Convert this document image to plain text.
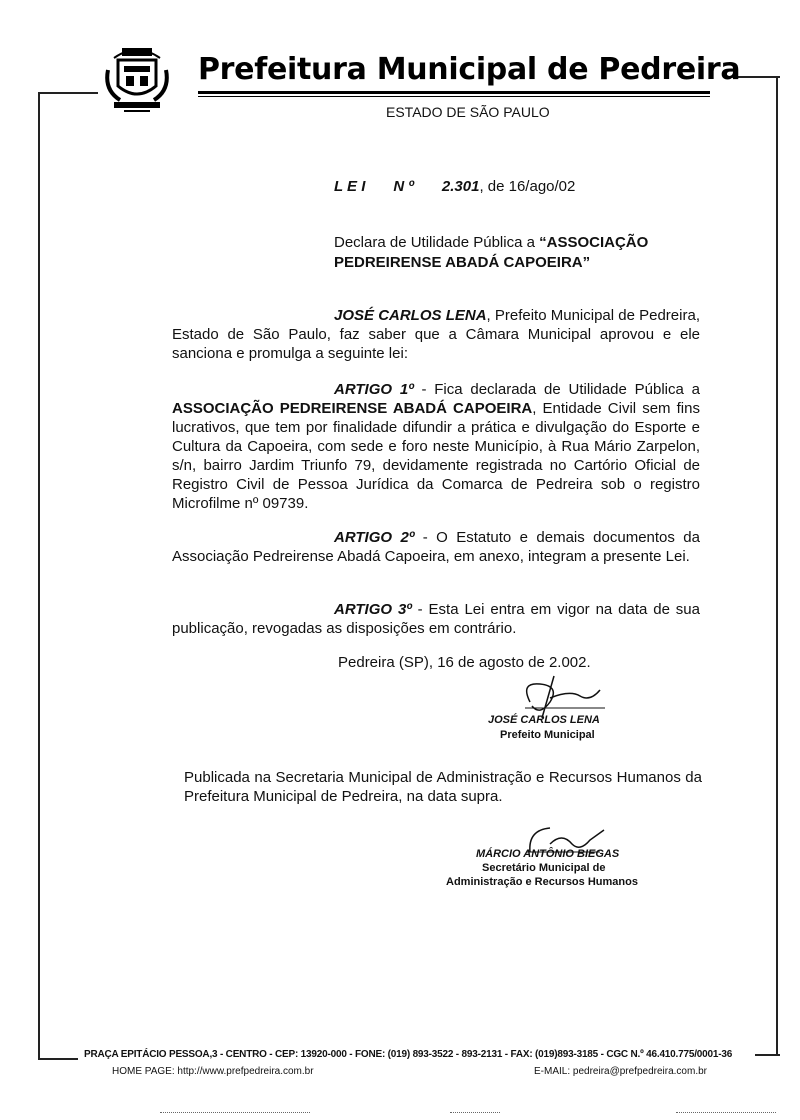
Prefeitura Municipal de Pedreira
ESTADO DE SÃO PAULO
L E I N º 2.301, de 16/ago/02
Declara de Utilidade Pública a “ASSOCIAÇÃO PEDREIRENSE ABADÁ CAPOEIRA”
JOSÉ CARLOS LENA, Prefeito Municipal de Pedreira, Estado de São Paulo, faz saber que a Câmara Municipal aprovou e ele sanciona e promulga a seguinte lei:
ARTIGO 1º - Fica declarada de Utilidade Pública a ASSOCIAÇÃO PEDREIRENSE ABADÁ CAPOEIRA, Entidade Civil sem fins lucrativos, que tem por finalidade difundir a prática e divulgação do Esporte e Cultura da Capoeira, com sede e foro neste Município, à Rua Mário Zarpelon, s/n, bairro Jardim Triunfo 79, devidamente registrada no Cartório Oficial de Registro Civil de Pessoa Jurídica da Comarca de Pedreira sob o registro Microfilme nº 09739.
ARTIGO 2º - O Estatuto e demais documentos da Associação Pedreirense Abadá Capoeira, em anexo, integram a presente Lei.
ARTIGO 3º - Esta Lei entra em vigor na data de sua publicação, revogadas as disposições em contrário.
Pedreira (SP), 16 de agosto de 2.002.
JOSÉ CARLOS LENA
Prefeito Municipal
Publicada na Secretaria Municipal de Administração e Recursos Humanos da Prefeitura Municipal de Pedreira, na data supra.
MÁRCIO ANTÔNIO BIEGAS
Secretário Municipal de
Administração e Recursos Humanos
PRAÇA EPITÁCIO PESSOA,3 - CENTRO - CEP: 13920-000 - FONE: (019) 893-3522 - 893-2131 - FAX: (019)893-3185 - CGC N.º 46.410.775/0001-36
HOME PAGE: http://www.prefpedreira.com.br	E-MAIL: pedreira@prefpedreira.com.br
